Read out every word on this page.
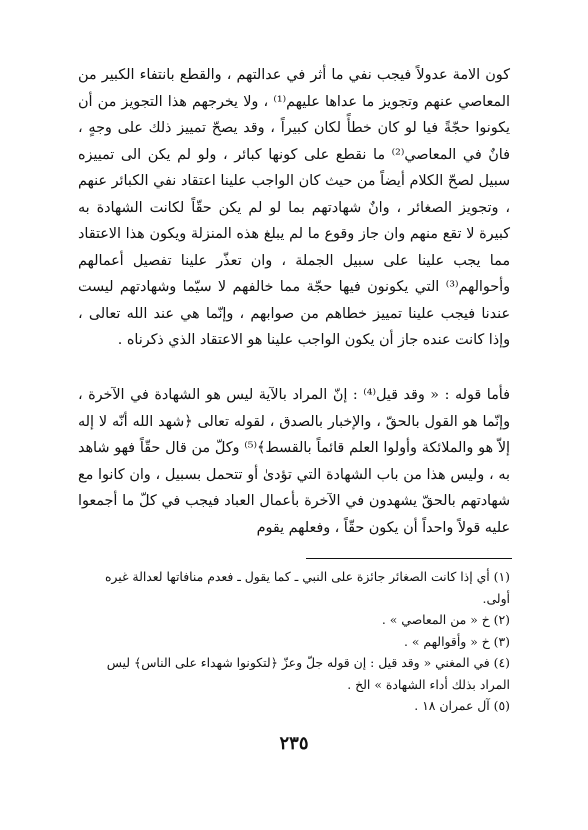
كون الامة عدولاً فيجب نفي ما أثر في عدالتهم ، والقطع بانتفاء الكبير من المعاصي عنهم وتجويز ما عداها عليهم⁽¹⁾ ، ولا يخرجهم هذا التجويز من أن يكونوا حجّةً فيا لو كان خطأً لكان كبيراً ، وقد يصحّ تمييز ذلك على وجهٍ ، فانٌ في المعاصي⁽²⁾ ما نقطع على كونها كبائر ، ولو لم يكن الى تمييزه سبيل لصحّ الكلام أيضاً من حيث كان الواجب علينا اعتقاد نفي الكبائر عنهم ، وتجويز الصغائر ، وانٌ شهادتهم بما لو لم يكن حقّاً لكانت الشهادة به كبيرة لا تقع منهم وان جاز وقوع ما لم يبلغ هذه المنزلة ويكون هذا الاعتقاد مما يجب علينا على سبيل الجملة ، وان تعذّر علينا تفصيل أعمالهم وأحوالهم⁽³⁾ التي يكونون فيها حجّة مما خالفهم لا سيّما وشهادتهم ليست عندنا فيجب علينا تمييز خطاهم من صوابهم ، وإنّما هي عند الله تعالى ، وإذا كانت عنده جاز أن يكون الواجب علينا هو الاعتقاد الذي ذكرناه .

فأما قوله : « وقد قيل⁽⁴⁾ : إنّ المراد بالآية ليس هو الشهادة في الآخرة ، وإنّما هو القول بالحقّ ، والإخبار بالصدق ، لقوله تعالى ﴿شهد الله أنّه لا إله إلاّ هو والملائكة وأولوا العلم قائماً بالقسط﴾⁽⁵⁾ وكلّ من قال حقّاً فهو شاهد به ، وليس هذا من باب الشهادة التي تؤدىٰ أو تتحمل بسبيل ، وان كانوا مع شهادتهم بالحقّ يشهدون في الآخرة بأعمال العباد فيجب في كلّ ما أجمعوا عليه قولاً واحداً أن يكون حقّاً ، وفعلهم يقوم

(١) أي إذا كانت الصغائر جائزة على النبي ـ كما يقول ـ فعدم منافاتها لعدالة غيره أولى.

(٢) خ « من المعاصي » .

(٣) خ « وأقوالهم » .

(٤) في المغني « وقد قيل : إن قوله جلّ وعزّ ﴿لتكونوا شهداء على الناس﴾ ليس المراد بذلك أداء الشهادة » الخ .

(٥) آل عمران ١٨ .

٢٣٥
